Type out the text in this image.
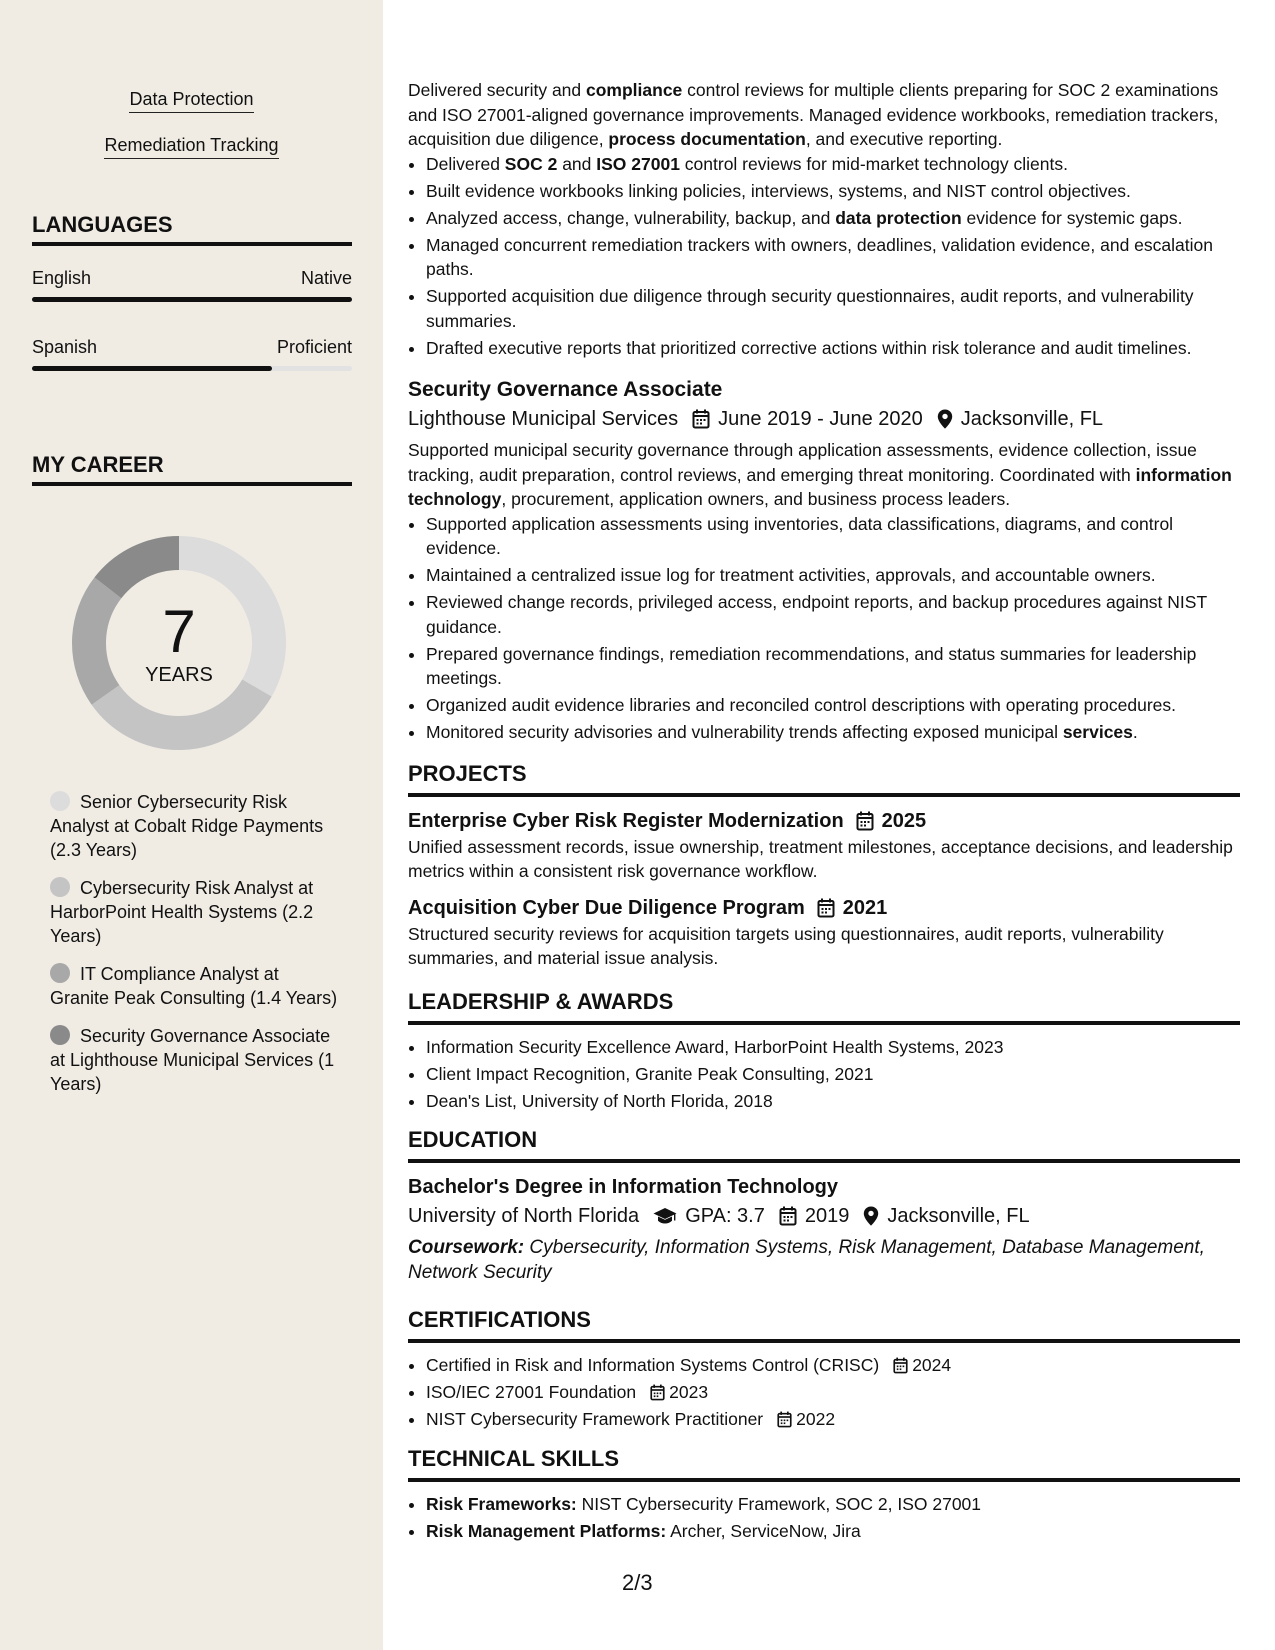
Data Protection
Remediation Tracking
LANGUAGES
English	Native
Spanish	Proficient
MY CAREER
7
YEARS
Senior Cybersecurity Risk Analyst at Cobalt Ridge Payments (2.3 Years)
Cybersecurity Risk Analyst at HarborPoint Health Systems (2.2 Years)
IT Compliance Analyst at Granite Peak Consulting (1.4 Years)
Security Governance Associate at Lighthouse Municipal Services (1 Years)
Delivered security and compliance control reviews for multiple clients preparing for SOC 2 examinations and ISO 27001-aligned governance improvements. Managed evidence workbooks, remediation trackers, acquisition due diligence, process documentation, and executive reporting.
• Delivered SOC 2 and ISO 27001 control reviews for mid-market technology clients.
• Built evidence workbooks linking policies, interviews, systems, and NIST control objectives.
• Analyzed access, change, vulnerability, backup, and data protection evidence for systemic gaps.
• Managed concurrent remediation trackers with owners, deadlines, validation evidence, and escalation paths.
• Supported acquisition due diligence through security questionnaires, audit reports, and vulnerability summaries.
• Drafted executive reports that prioritized corrective actions within risk tolerance and audit timelines.
Security Governance Associate
Lighthouse Municipal Services June 2019 - June 2020 Jacksonville, FL
Supported municipal security governance through application assessments, evidence collection, issue tracking, audit preparation, control reviews, and emerging threat monitoring. Coordinated with information technology, procurement, application owners, and business process leaders.
• Supported application assessments using inventories, data classifications, diagrams, and control evidence.
• Maintained a centralized issue log for treatment activities, approvals, and accountable owners.
• Reviewed change records, privileged access, endpoint reports, and backup procedures against NIST guidance.
• Prepared governance findings, remediation recommendations, and status summaries for leadership meetings.
• Organized audit evidence libraries and reconciled control descriptions with operating procedures.
• Monitored security advisories and vulnerability trends affecting exposed municipal services.
PROJECTS
Enterprise Cyber Risk Register Modernization 2025
Unified assessment records, issue ownership, treatment milestones, acceptance decisions, and leadership metrics within a consistent risk governance workflow.
Acquisition Cyber Due Diligence Program 2021
Structured security reviews for acquisition targets using questionnaires, audit reports, vulnerability summaries, and material issue analysis.
LEADERSHIP & AWARDS
• Information Security Excellence Award, HarborPoint Health Systems, 2023
• Client Impact Recognition, Granite Peak Consulting, 2021
• Dean's List, University of North Florida, 2018
EDUCATION
Bachelor's Degree in Information Technology
University of North Florida GPA: 3.7 2019 Jacksonville, FL
Coursework: Cybersecurity, Information Systems, Risk Management, Database Management, Network Security
CERTIFICATIONS
• Certified in Risk and Information Systems Control (CRISC) 2024
• ISO/IEC 27001 Foundation 2023
• NIST Cybersecurity Framework Practitioner 2022
TECHNICAL SKILLS
• Risk Frameworks: NIST Cybersecurity Framework, SOC 2, ISO 27001
• Risk Management Platforms: Archer, ServiceNow, Jira
2/3
